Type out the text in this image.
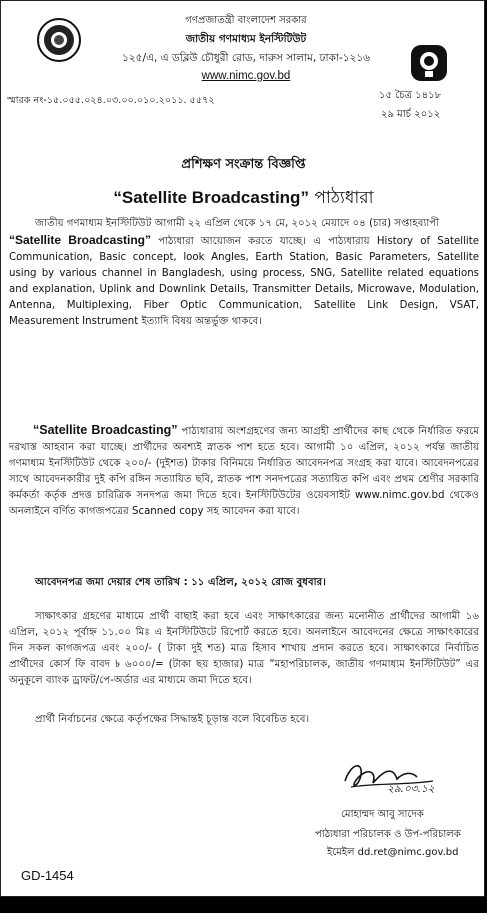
গণপ্রজাতন্ত্রী বাংলাদেশ সরকার
জাতীয় গণমাধ্যম ইনস্টিটিউট
১২৫/এ, এ ডব্লিউ চৌধুরী রোড, দারুস সালাম, ঢাকা-১২১৬
www.nimc.gov.bd
স্মারক নং-১৫.০৫৫.০২৪.০৩.০০.০১০.২০১১. ৫৫৭২	১৫ চৈত্র ১৪১৮
২৯ মার্চ ২০১২
প্রশিক্ষণ সংক্রান্ত বিজ্ঞপ্তি
“Satellite Broadcasting” পাঠ্যধারা
জাতীয় গণমাধ্যম ইনস্টিটিউট আগামী ২২ এপ্রিল থেকে ১৭ মে, ২০১২ মেয়াদে ০৪ (চার) সপ্তাহব্যাপী
“Satellite Broadcasting” পাঠ্যধারা আয়োজন করতে যাচ্ছে। এ পাঠ্যধারায় History of Satellite Communication, Basic concept, look Angles, Earth Station, Basic Parameters, Satellite using by various channel in Bangladesh, using process, SNG, Satellite related equations and explanation, Uplink and Downlink Details, Transmitter Details, Microwave, Modulation, Antenna, Multiplexing, Fiber Optic Communication, Satellite Link Design, VSAT, Measurement Instrument ইত্যাদি বিষয় অন্তর্ভুক্ত থাকবে।
“Satellite Broadcasting” পাঠ্যধারায় অংশগ্রহণের জন্য আগ্রহী প্রার্থীদের কাছ থেকে নির্ধারিত ফরমে দরখাস্ত আহবান করা যাচ্ছে। প্রার্থীদের অবশ্যই স্নাতক পাশ হতে হবে। আগামী ১০ এপ্রিল, ২০১২ পর্যন্ত জাতীয় গণমাধ্যম ইনস্টিটিউট থেকে ২০০/- (দুইশত) টাকার বিনিময়ে নির্ধারিত আবেদনপত্র সংগ্রহ করা যাবে। আবেদনপত্রের সাথে আবেদনকারীর দুই কপি রঙ্গিন সত্যায়িত ছবি, স্নাতক পাশ সনদপত্রের সত্যায়িত কপি এবং প্রথম শ্রেণীর সরকারি কর্মকর্তা কর্তৃক প্রদত্ত চারিত্রিক সনদপত্র জমা দিতে হবে। ইনস্টিটিউটের ওয়েবসাইট www.nimc.gov.bd থেকেও অনলাইনে বর্ণিত কাগজপত্রের Scanned copy সহ আবেদন করা যাবে।
আবেদনপত্র জমা দেয়ার শেষ তারিখ : ১১ এপ্রিল, ২০১২ রোজ বুধবার।
সাক্ষাৎকার গ্রহণের মাধ্যমে প্রার্থী বাছাই করা হবে এবং সাক্ষাৎকারের জন্য মনোনীত প্রার্থীদের আগামী ১৬ এপ্রিল, ২০১২ পূর্বাহ্ন ১১.০০ মিঃ এ ইনস্টিটিউটে রিপোর্ট করতে হবে। অনলাইনে আবেদনের ক্ষেত্রে সাক্ষাৎকারের দিন সকল কাগজপত্র এবং ২০০/- ( টাকা দুই শত) মাত্র হিসাব শাখায় প্রদান করতে হবে। সাক্ষাৎকারে নির্বাচিত প্রার্থীদের কোর্স ফি বাবদ ৳ ৬০০০/= (টাকা ছয় হাজার) মাত্র “মহাপরিচালক, জাতীয় গণমাধ্যম ইনস্টিটিউট” এর অনুকূলে ব্যাংক ড্রাফট/পে-অর্ডার এর মাধ্যমে জমা দিতে হবে।
প্রার্থী নির্বাচনের ক্ষেত্রে কর্তৃপক্ষের সিদ্ধান্তই চূড়ান্ত বলে বিবেচিত হবে।
২৯.০৩.১২
মোহাম্মদ আবু সাদেক
পাঠ্যধারা পরিচালক ও উপ-পরিচালক
ইমেইল dd.ret@nimc.gov.bd
GD-1454
